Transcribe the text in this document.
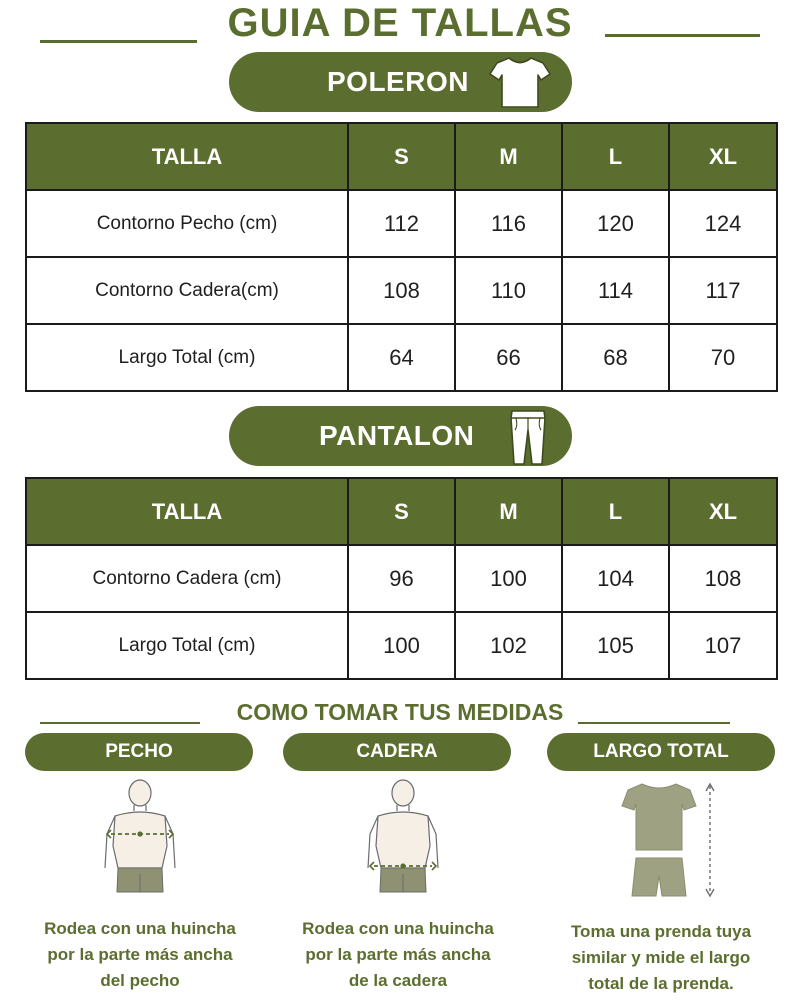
GUIA DE TALLAS
POLERON
TALLA	S	M	L	XL
Contorno Pecho (cm)	112	116	120	124
Contorno Cadera(cm)	108	110	114	117
Largo Total (cm)	64	66	68	70
PANTALON
TALLA	S	M	L	XL
Contorno Cadera (cm)	96	100	104	108
Largo Total (cm)	100	102	105	107
COMO TOMAR TUS MEDIDAS
PECHO	CADERA	LARGO TOTAL
Rodea con una huincha
por la parte más ancha
del pecho
Rodea con una huincha
por la parte más ancha
de la cadera
Toma una prenda tuya
similar y mide el largo
total de la prenda.
